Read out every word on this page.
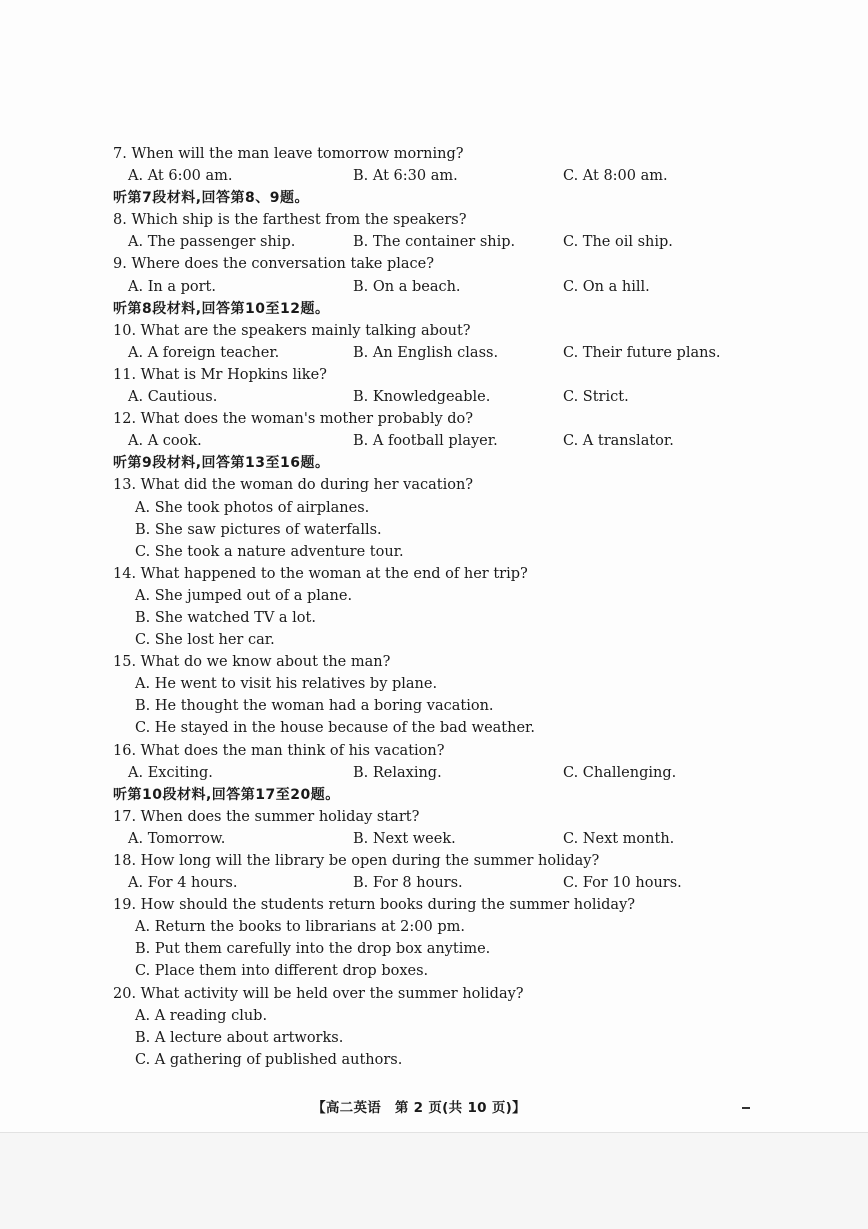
7. When will the man leave tomorrow morning?
A. At 6:00 am.	B. At 6:30 am.	C. At 8:00 am.
听第7段材料,回答第8、9题。
8. Which ship is the farthest from the speakers?
A. The passenger ship.	B. The container ship.	C. The oil ship.
9. Where does the conversation take place?
A. In a port.	B. On a beach.	C. On a hill.
听第8段材料,回答第10至12题。
10. What are the speakers mainly talking about?
A. A foreign teacher.	B. An English class.	C. Their future plans.
11. What is Mr Hopkins like?
A. Cautious.	B. Knowledgeable.	C. Strict.
12. What does the woman's mother probably do?
A. A cook.	B. A football player.	C. A translator.
听第9段材料,回答第13至16题。
13. What did the woman do during her vacation?
A. She took photos of airplanes.
B. She saw pictures of waterfalls.
C. She took a nature adventure tour.
14. What happened to the woman at the end of her trip?
A. She jumped out of a plane.
B. She watched TV a lot.
C. She lost her car.
15. What do we know about the man?
A. He went to visit his relatives by plane.
B. He thought the woman had a boring vacation.
C. He stayed in the house because of the bad weather.
16. What does the man think of his vacation?
A. Exciting.	B. Relaxing.	C. Challenging.
听第10段材料,回答第17至20题。
17. When does the summer holiday start?
A. Tomorrow.	B. Next week.	C. Next month.
18. How long will the library be open during the summer holiday?
A. For 4 hours.	B. For 8 hours.	C. For 10 hours.
19. How should the students return books during the summer holiday?
A. Return the books to librarians at 2:00 pm.
B. Put them carefully into the drop box anytime.
C. Place them into different drop boxes.
20. What activity will be held over the summer holiday?
A. A reading club.
B. A lecture about artworks.
C. A gathering of published authors.
【高二英语　第 2 页(共 10 页)】
